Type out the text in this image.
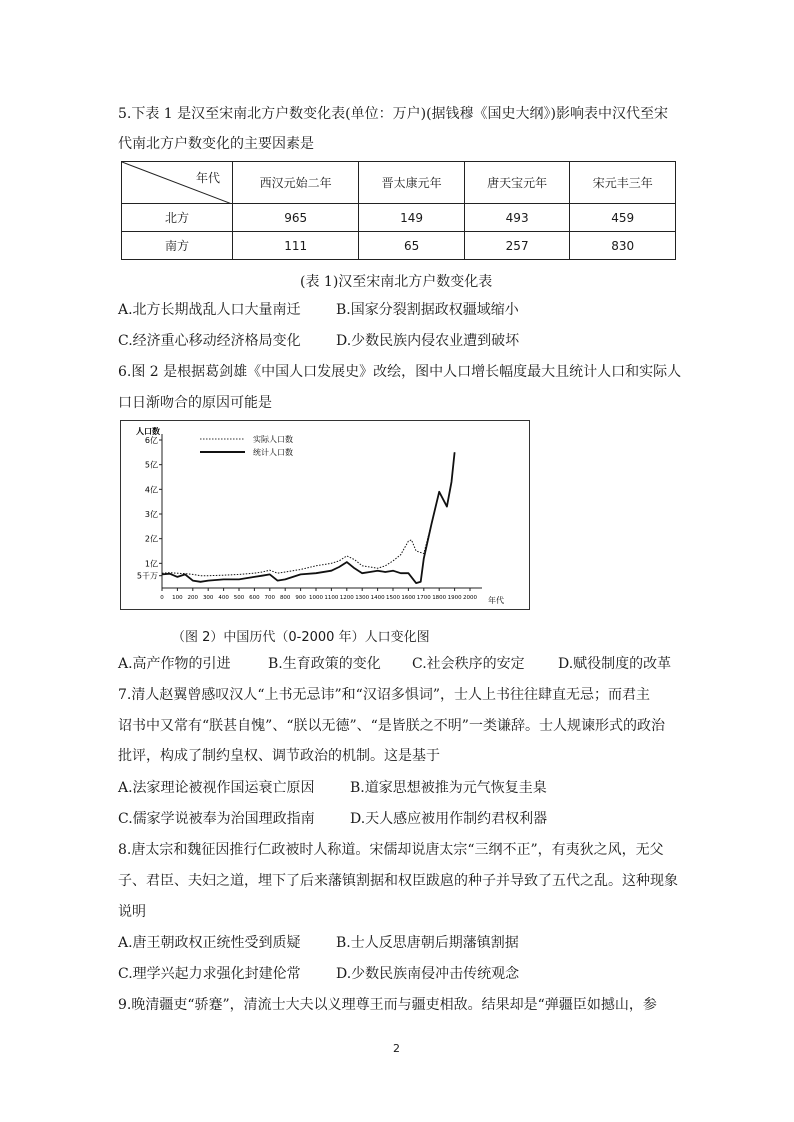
5.下表 1 是汉至宋南北方户数变化表(单位：万户)(据钱穆《国史大纲》)影响表中汉代至宋
代南北方户数变化的主要因素是
年代	西汉元始二年	晋太康元年	唐天宝元年	宋元丰三年
北方	965	149	493	459
南方	111	65	257	830
(表 1)汉至宋南北方户数变化表
A.北方长期战乱人口大量南迁	B.国家分裂割据政权疆域缩小
C.经济重心移动经济格局变化	D.少数民族内侵农业遭到破坏
6.图 2 是根据葛剑雄《中国人口发展史》改绘，图中人口增长幅度最大且统计人口和实际人
口日渐吻合的原因可能是
人口数
年代
实际人口数
统计人口数
6亿
5亿
4亿
3亿
2亿
1亿
5千万
0 100 200 300 400 500 600 700 800 900 1000 1100 1200 1300 1400 1500 1600 1700 1800 1900 2000
（图 2）中国历代（0-2000 年）人口变化图
A.高产作物的引进	B.生育政策的变化 C.社会秩序的安定 D.赋役制度的改革
7.清人赵翼曾感叹汉人“上书无忌讳”和“汉诏多惧词”，士人上书往往肆直无忌；而君主
诏书中又常有“朕甚自愧”、“朕以无德”、“是皆朕之不明”一类谦辞。士人规谏形式的政治
批评，构成了制约皇权、调节政治的机制。这是基于
A.法家理论被视作国运衰亡原因	B.道家思想被推为元气恢复圭臬
C.儒家学说被奉为治国理政指南	D.天人感应被用作制约君权利器
8.唐太宗和魏征因推行仁政被时人称道。宋儒却说唐太宗“三纲不正”，有夷狄之风，无父
子、君臣、夫妇之道，埋下了后来藩镇割据和权臣跋扈的种子并导致了五代之乱。这种现象
说明
A.唐王朝政权正统性受到质疑	B.士人反思唐朝后期藩镇割据
C.理学兴起力求强化封建伦常	D.少数民族南侵冲击传统观念
9.晚清疆吏“骄蹇”，清流士大夫以义理尊王而与疆吏相敌。结果却是“弹疆臣如撼山，参
2
